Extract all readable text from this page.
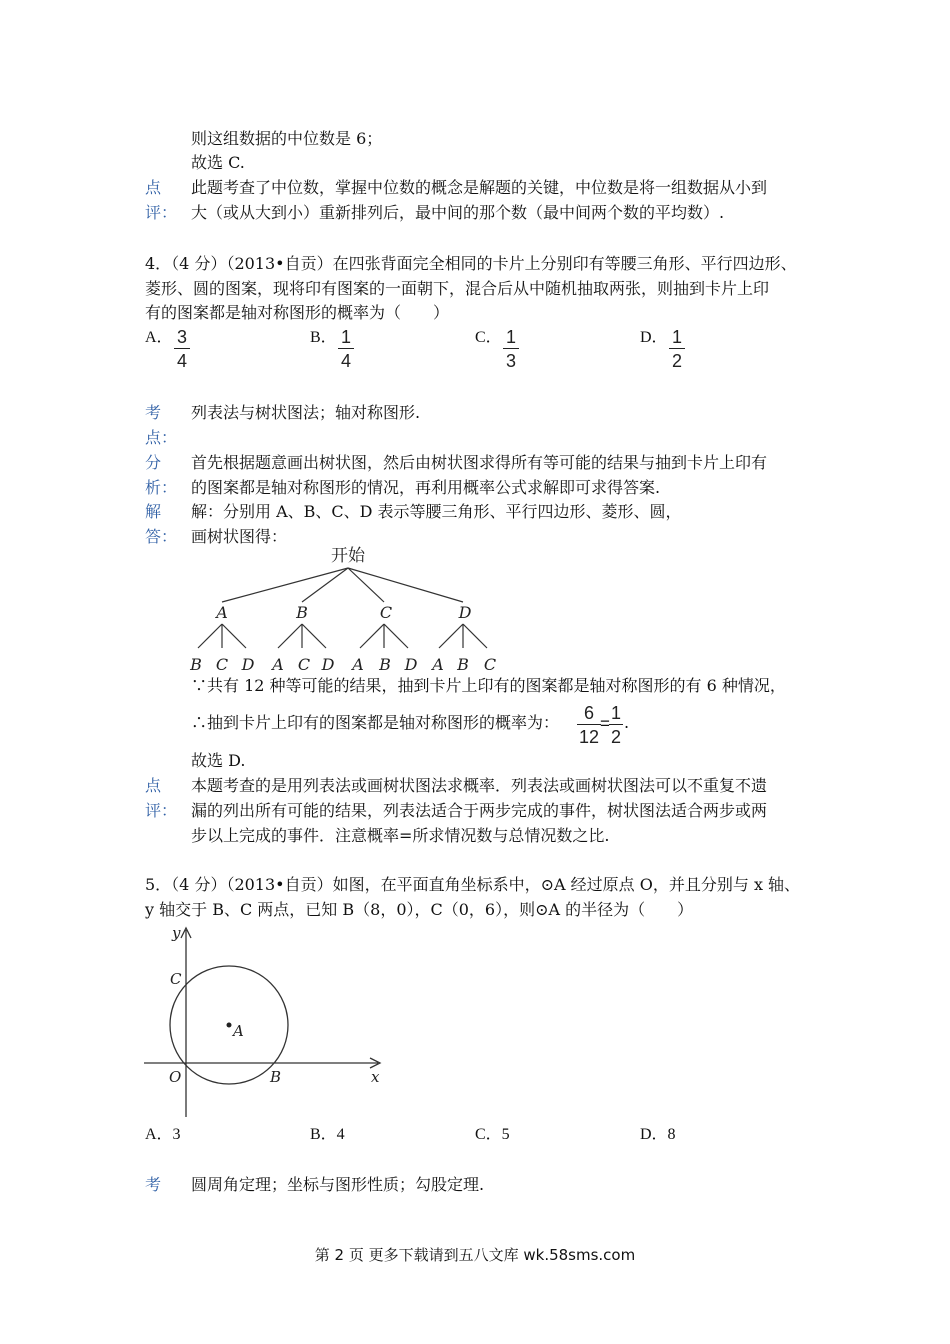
则这组数据的中位数是 6；
故选 C.
点
评：
此题考查了中位数，掌握中位数的概念是解题的关键，中位数是将一组数据从小到
大（或从大到小）重新排列后，最中间的那个数（最中间两个数的平均数）.
4．（4 分）（2013•自贡）在四张背面完全相同的卡片上分别印有等腰三角形、平行四边形、
菱形、圆的图案，现将印有图案的一面朝下，混合后从中随机抽取两张，则抽到卡片上印
有的图案都是轴对称图形的概率为（　　）
A． 3
4
B． 1
4
C． 1
3
D． 1
2
考
点：
列表法与树状图法；轴对称图形.
分
析：
首先根据题意画出树状图，然后由树状图求得所有等可能的结果与抽到卡片上印有
的图案都是轴对称图形的情况，再利用概率公式求解即可求得答案.
解
答：
解：分别用 A、B、C、D 表示等腰三角形、平行四边形、菱形、圆，
画树状图得：
开始
A	B	C	D
B C D A C D A B D A B C
∵共有 12 种等可能的结果，抽到卡片上印有的图案都是轴对称图形的有 6 种情况，
∴抽到卡片上印有的图案都是轴对称图形的概率为：	6
12
=
1
2
.
故选 D.
点
评：
本题考查的是用列表法或画树状图法求概率．列表法或画树状图法可以不重复不遗
漏的列出所有可能的结果，列表法适合于两步完成的事件，树状图法适合两步或两
步以上完成的事件．注意概率=所求情况数与总情况数之比.
5．（4 分）（2013•自贡）如图，在平面直角坐标系中，⊙A 经过原点 O，并且分别与 x 轴、
y 轴交于 B、C 两点，已知 B（8，0），C（0，6），则⊙A 的半径为（　　）
y
x
O	B
C
A
A．3	B．4	C．5	D．8
考 圆周角定理；坐标与图形性质；勾股定理.
第 2 页 更多下载请到五八文库 wk.58sms.com
